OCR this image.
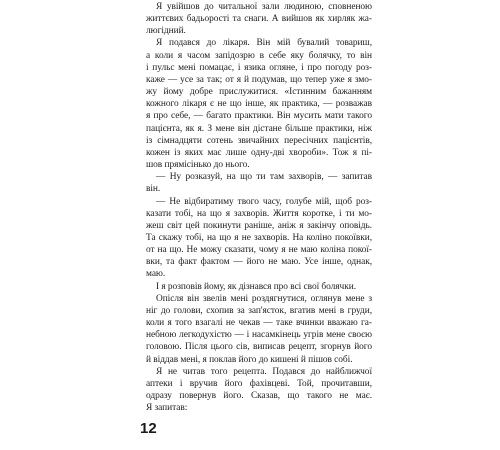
Я увійшов до читальної зали людиною, сповненою
життєвих бадьорості та снаги. А вийшов як хирляк жа-
люгідний.

Я подався до лікаря. Він мій бувалий товариш,
а коли я часом запідозрю в себе яку болячку, то він
і пульс мені помацає, і язика огляне, і про погоду роз-
каже — усе за так; от я й подумав, що тепер уже я змо-
жу йому добре прислужитися. «Істинним бажанням
кожного лікаря є не що інше, як практика, — розважав
я про себе, — багато практики. Він мусить мати такого
пацієнта, як я. З мене він дістане більше практики, ніж
із сімнадцяти сотень звичайних пересічних пацієнтів,
кожен із яких має лише одну-дві хвороби». Тож я пі-
шов прямісінько до нього.

— Ну розказуй, на що ти там захворів, — запитав
він.

— Не відбиратиму твого часу, голубе мій, щоб роз-
казати тобі, на що я захворів. Життя коротке, і ти мо-
жеш світ цей покинути раніше, аніж я закінчу оповідь.
Та скажу тобі, на що я не захворів. На коліно покоївки,
от на що. Не можу сказати, чому я не маю коліна покої-
вки, та факт фактом — його не маю. Усе інше, однак,
маю.

І я розповів йому, як дізнався про всі свої болячки.

Опісля він звелів мені роздягнутися, оглянув мене з
ніг до голови, схопив за зап'ясток, вгатив мені в груди,
коли я того взагалі не чекав — таке вчинки вважаю га-
небною легкодухістю — і насамкінець угрів мене своєю
головою. Після цього сів, виписав рецепт, згорнув його
й віддав мені, я поклав його до кишені й пішов собі.

Я не читав того рецепта. Подався до найближчої
аптеки і вручив його фахівцеві. Той, прочитавши,
одразу повернув його. Сказав, що такого не має.
Я запитав:

12
